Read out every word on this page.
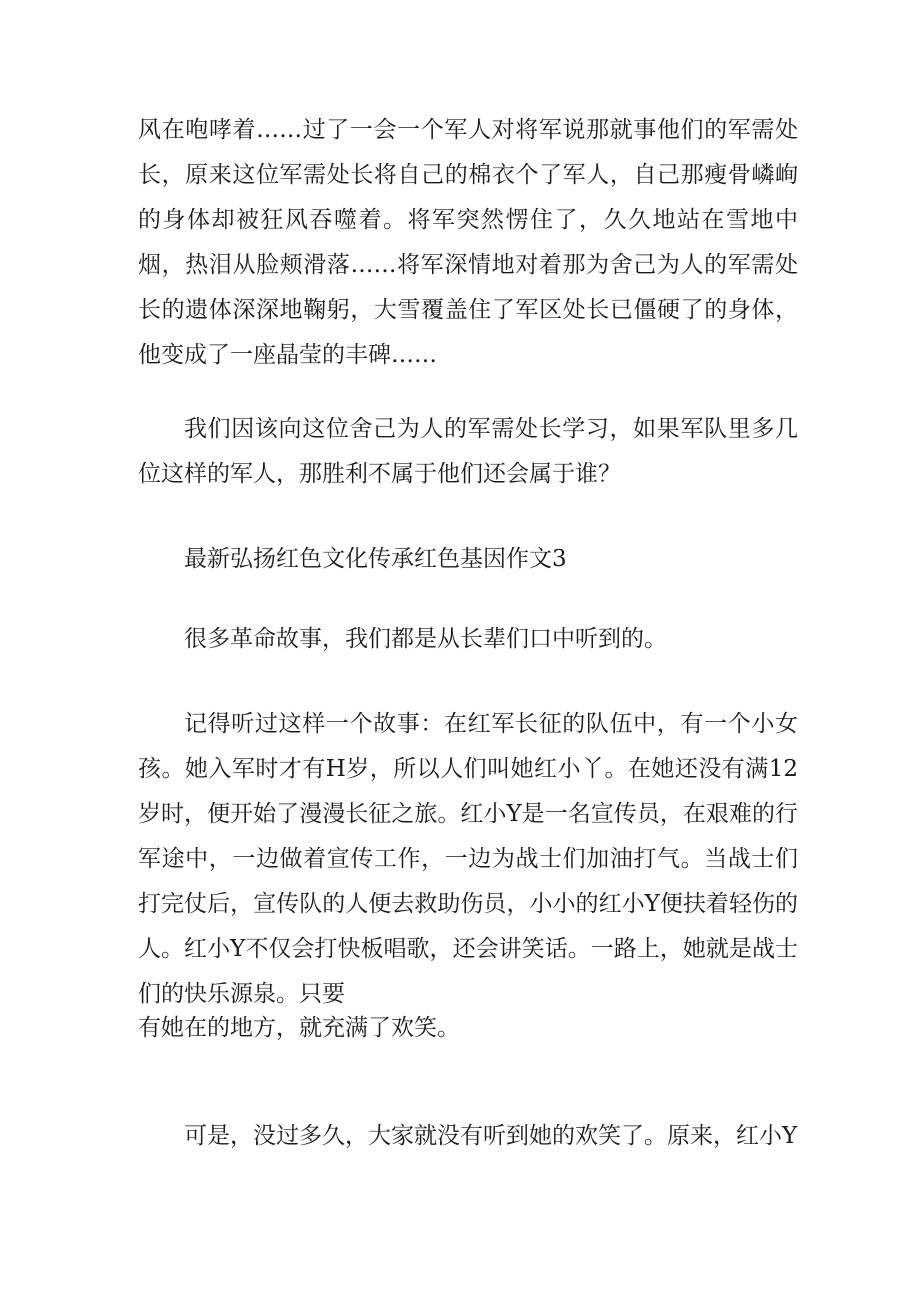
风在咆哮着……过了一会一个军人对将军说那就事他们的军需处长，原来这位军需处长将自己的棉衣个了军人，自己那瘦骨嶙峋的身体却被狂风吞噬着。将军突然愣住了，久久地站在雪地中烟，热泪从脸颊滑落……将军深情地对着那为舍己为人的军需处长的遗体深深地鞠躬，大雪覆盖住了军区处长已僵硬了的身体，他变成了一座晶莹的丰碑……

我们因该向这位舍己为人的军需处长学习，如果军队里多几位这样的军人，那胜利不属于他们还会属于谁？

最新弘扬红色文化传承红色基因作文3

很多革命故事，我们都是从长辈们口中听到的。

记得听过这样一个故事：在红军长征的队伍中，有一个小女孩。她入军时才有H岁，所以人们叫她红小丫。在她还没有满12岁时，便开始了漫漫长征之旅。红小Y是一名宣传员，在艰难的行军途中，一边做着宣传工作，一边为战士们加油打气。当战士们打完仗后，宣传队的人便去救助伤员，小小的红小Y便扶着轻伤的人。红小Y不仅会打快板唱歌，还会讲笑话。一路上，她就是战士们的快乐源泉。只要

有她在的地方，就充满了欢笑。

可是，没过多久，大家就没有听到她的欢笑了。原来，红小Y
